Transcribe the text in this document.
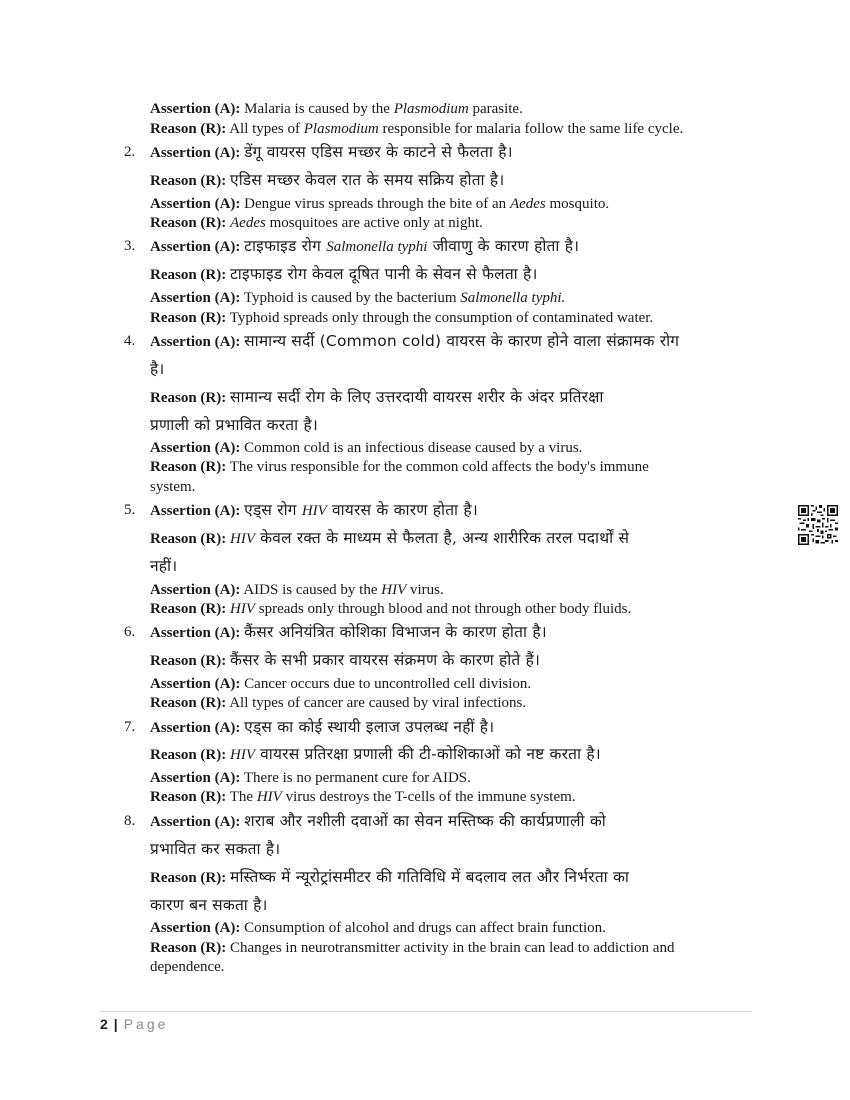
Assertion (A): Malaria is caused by the Plasmodium parasite.
Reason (R): All types of Plasmodium responsible for malaria follow the same life cycle.
2. Assertion (A): डेंगू वायरस एडिस मच्छर के काटने से फैलता है।
Reason (R): एडिस मच्छर केवल रात के समय सक्रिय होता है।
Assertion (A): Dengue virus spreads through the bite of an Aedes mosquito.
Reason (R): Aedes mosquitoes are active only at night.
3. Assertion (A): टाइफाइड रोग Salmonella typhi जीवाणु के कारण होता है।
Reason (R): टाइफाइड रोग केवल दूषित पानी के सेवन से फैलता है।
Assertion (A): Typhoid is caused by the bacterium Salmonella typhi.
Reason (R): Typhoid spreads only through the consumption of contaminated water.
4. Assertion (A): सामान्य सर्दी (Common cold) वायरस के कारण होने वाला संक्रामक रोग
है।
Reason (R): सामान्य सर्दी रोग के लिए उत्तरदायी वायरस शरीर के अंदर प्रतिरक्षा
प्रणाली को प्रभावित करता है।
Assertion (A): Common cold is an infectious disease caused by a virus.
Reason (R): The virus responsible for the common cold affects the body's immune
system.
5. Assertion (A): एड्स रोग HIV वायरस के कारण होता है।
Reason (R): HIV केवल रक्त के माध्यम से फैलता है, अन्य शारीरिक तरल पदार्थों से
नहीं।
Assertion (A): AIDS is caused by the HIV virus.
Reason (R): HIV spreads only through blood and not through other body fluids.
6. Assertion (A): कैंसर अनियंत्रित कोशिका विभाजन के कारण होता है।
Reason (R): कैंसर के सभी प्रकार वायरस संक्रमण के कारण होते हैं।
Assertion (A): Cancer occurs due to uncontrolled cell division.
Reason (R): All types of cancer are caused by viral infections.
7. Assertion (A): एड्स का कोई स्थायी इलाज उपलब्ध नहीं है।
Reason (R): HIV वायरस प्रतिरक्षा प्रणाली की टी-कोशिकाओं को नष्ट करता है।
Assertion (A): There is no permanent cure for AIDS.
Reason (R): The HIV virus destroys the T-cells of the immune system.
8. Assertion (A): शराब और नशीली दवाओं का सेवन मस्तिष्क की कार्यप्रणाली को
प्रभावित कर सकता है।
Reason (R): मस्तिष्क में न्यूरोट्रांसमीटर की गतिविधि में बदलाव लत और निर्भरता का
कारण बन सकता है।
Assertion (A): Consumption of alcohol and drugs can affect brain function.
Reason (R): Changes in neurotransmitter activity in the brain can lead to addiction and
dependence.
2 | Page
